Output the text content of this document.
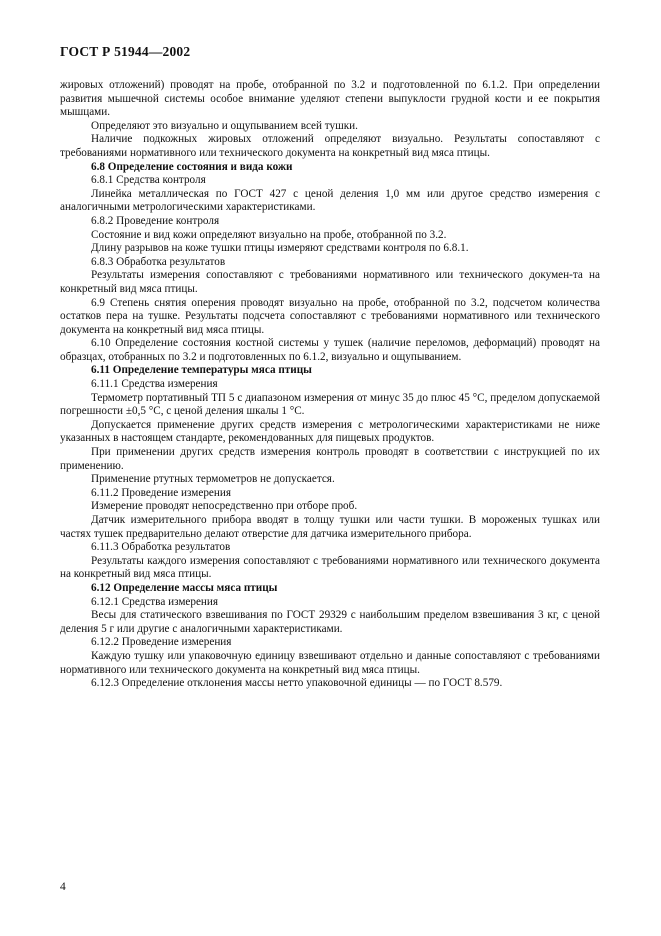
ГОСТ Р 51944—2002

жировых отложений) проводят на пробе, отобранной по 3.2 и подготовленной по 6.1.2. При определении развития мышечной системы особое внимание уделяют степени выпуклости грудной кости и ее покрытия мышцами.

Определяют это визуально и ощупыванием всей тушки.

Наличие подкожных жировых отложений определяют визуально. Результаты сопоставляют с требованиями нормативного или технического документа на конкретный вид мяса птицы.

6.8 Определение состояния и вида кожи

6.8.1 Средства контроля

Линейка металлическая по ГОСТ 427 с ценой деления 1,0 мм или другое средство измерения с аналогичными метрологическими характеристиками.

6.8.2 Проведение контроля

Состояние и вид кожи определяют визуально на пробе, отобранной по 3.2.

Длину разрывов на коже тушки птицы измеряют средствами контроля по 6.8.1.

6.8.3 Обработка результатов

Результаты измерения сопоставляют с требованиями нормативного или технического докумен-та на конкретный вид мяса птицы.

6.9 Степень снятия оперения проводят визуально на пробе, отобранной по 3.2, подсчетом количества остатков пера на тушке. Результаты подсчета сопоставляют с требованиями нормативного или технического документа на конкретный вид мяса птицы.

6.10 Определение состояния костной системы у тушек (наличие переломов, деформаций) проводят на образцах, отобранных по 3.2 и подготовленных по 6.1.2, визуально и ощупыванием.

6.11 Определение температуры мяса птицы

6.11.1 Средства измерения

Термометр портативный ТП 5 с диапазоном измерения от минус 35 до плюс 45 °С, пределом допускаемой погрешности ±0,5 °С, с ценой деления шкалы 1 °С.

Допускается применение других средств измерения с метрологическими характеристиками не ниже указанных в настоящем стандарте, рекомендованных для пищевых продуктов.

При применении других средств измерения контроль проводят в соответствии с инструкцией по их применению.

Применение ртутных термометров не допускается.

6.11.2 Проведение измерения

Измерение проводят непосредственно при отборе проб.

Датчик измерительного прибора вводят в толщу тушки или части тушки. В мороженых тушках или частях тушек предварительно делают отверстие для датчика измерительного прибора.

6.11.3 Обработка результатов

Результаты каждого измерения сопоставляют с требованиями нормативного или технического документа на конкретный вид мяса птицы.

6.12 Определение массы мяса птицы

6.12.1 Средства измерения

Весы для статического взвешивания по ГОСТ 29329 с наибольшим пределом взвешивания 3 кг, с ценой деления 5 г или другие с аналогичными характеристиками.

6.12.2 Проведение измерения

Каждую тушку или упаковочную единицу взвешивают отдельно и данные сопоставляют с требованиями нормативного или технического документа на конкретный вид мяса птицы.

6.12.3 Определение отклонения массы нетто упаковочной единицы — по ГОСТ 8.579.

4
